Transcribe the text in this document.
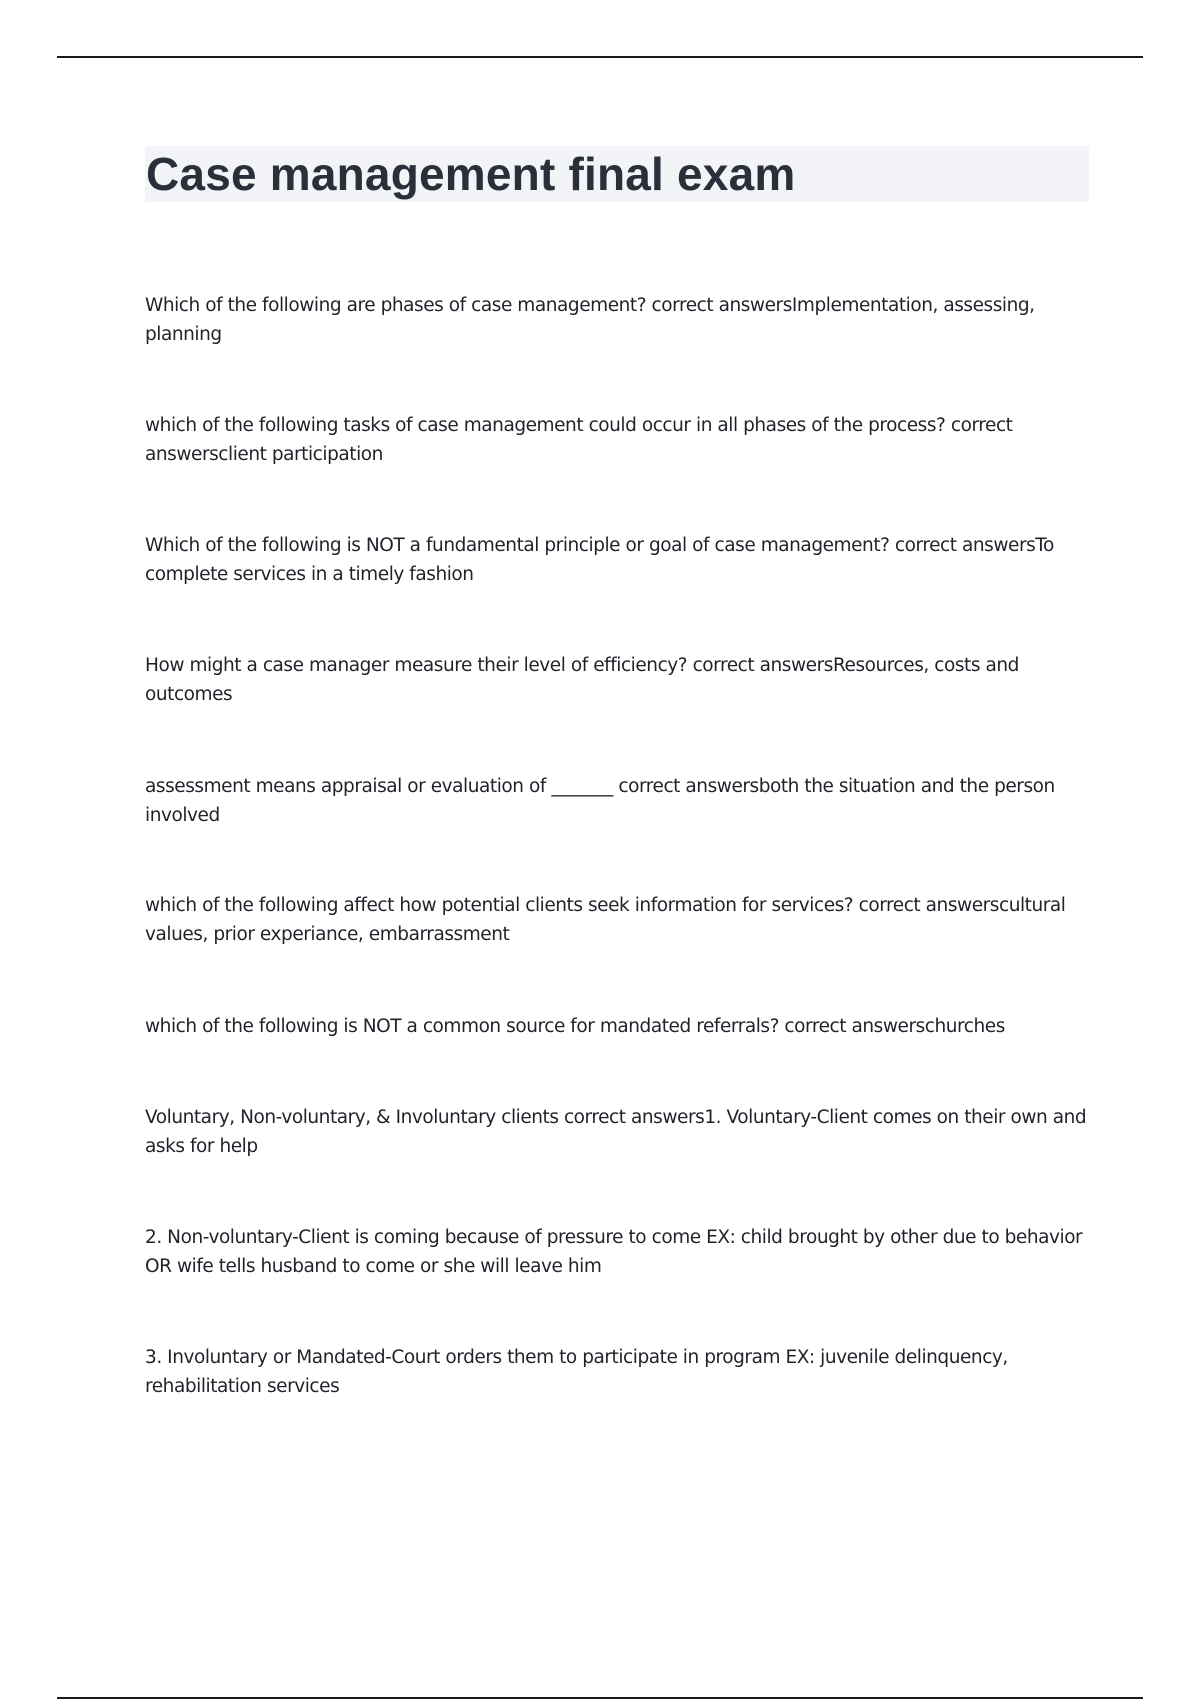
Case management final exam

Which of the following are phases of case management? correct answersImplementation, assessing, planning

which of the following tasks of case management could occur in all phases of the process? correct answersclient participation

Which of the following is NOT a fundamental principle or goal of case management? correct answersTo complete services in a timely fashion

How might a case manager measure their level of efficiency? correct answersResources, costs and outcomes

assessment means appraisal or evaluation of _______ correct answersboth the situation and the person involved

which of the following affect how potential clients seek information for services? correct answerscultural values, prior experiance, embarrassment

which of the following is NOT a common source for mandated referrals? correct answerschurches

Voluntary, Non-voluntary, & Involuntary clients correct answers1. Voluntary-Client comes on their own and asks for help

2. Non-voluntary-Client is coming because of pressure to come EX: child brought by other due to behavior OR wife tells husband to come or she will leave him

3. Involuntary or Mandated-Court orders them to participate in program EX: juvenile delinquency, rehabilitation services
